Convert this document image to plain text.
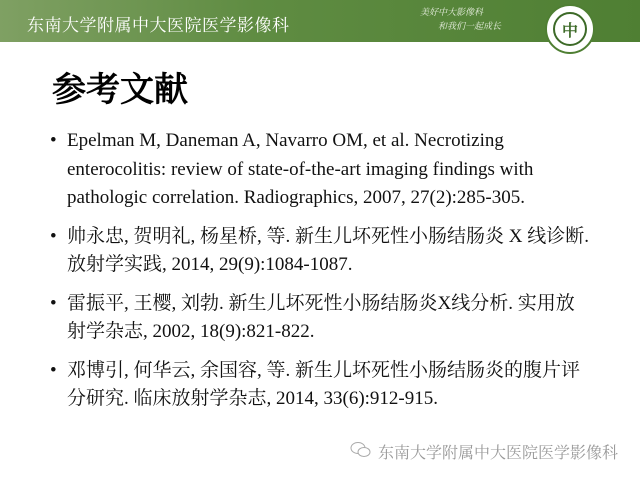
东南大学附属中大医院医学影像科
美好中大影像科
和我们一起成长	中
参考文献
• Epelman M, Daneman A, Navarro OM, et al. Necrotizing enterocolitis: review of state-of-the-art imaging findings with pathologic correlation. Radiographics, 2007, 27(2):285-305.
• 帅永忠, 贺明礼, 杨星桥, 等. 新生儿坏死性小肠结肠炎 X 线诊断. 放射学实践, 2014, 29(9):1084-1087.
• 雷振平, 王樱, 刘勃. 新生儿坏死性小肠结肠炎X线分析. 实用放射学杂志, 2002, 18(9):821-822.
• 邓博引, 何华云, 余国容, 等. 新生儿坏死性小肠结肠炎的腹片评分研究. 临床放射学杂志, 2014, 33(6):912-915.
东南大学附属中大医院医学影像科
